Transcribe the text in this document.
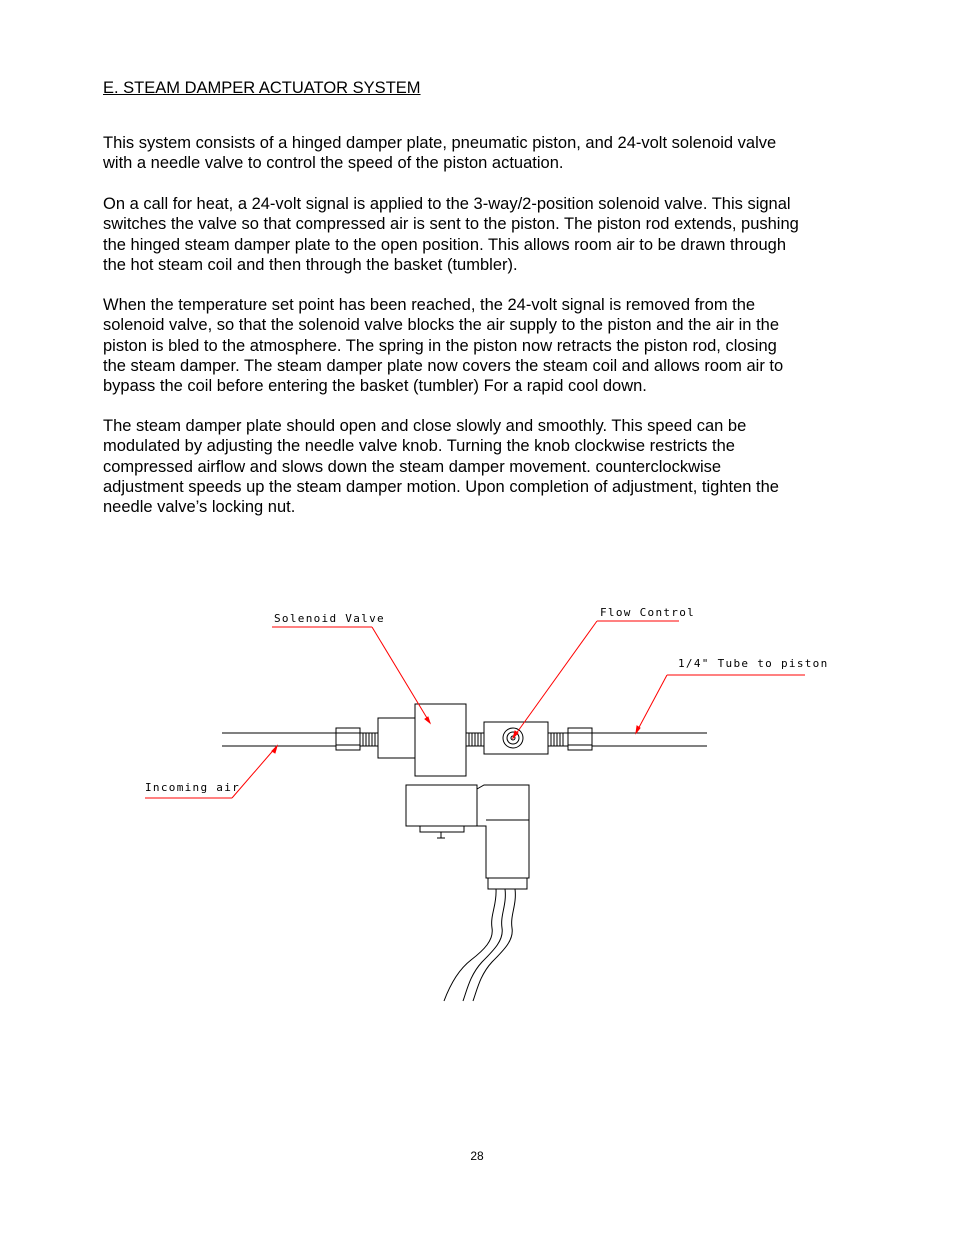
E. STEAM DAMPER ACTUATOR SYSTEM

This system consists of a hinged damper plate, pneumatic piston, and 24-volt solenoid valve
with a needle valve to control the speed of the piston actuation.

On a call for heat, a 24-volt signal is applied to the 3-way/2-position solenoid valve. This signal
switches the valve so that compressed air is sent to the piston. The piston rod extends, pushing
the hinged steam damper plate to the open position. This allows room air to be drawn through
the hot steam coil and then through the basket (tumbler).

When the temperature set point has been reached, the 24-volt signal is removed from the
solenoid valve, so that the solenoid valve blocks the air supply to the piston and the air in the
piston is bled to the atmosphere. The spring in the piston now retracts the piston rod, closing
the steam damper. The steam damper plate now covers the steam coil and allows room air to
bypass the coil before entering the basket (tumbler) For a rapid cool down.

The steam damper plate should open and close slowly and smoothly. This speed can be
modulated by adjusting the needle valve knob. Turning the knob clockwise restricts the
compressed airflow and slows down the steam damper movement. counterclockwise
adjustment speeds up the steam damper motion. Upon completion of adjustment, tighten the
needle valve’s locking nut.

Solenoid Valve	Flow Control
1/4" Tube to piston
Incoming air
28
